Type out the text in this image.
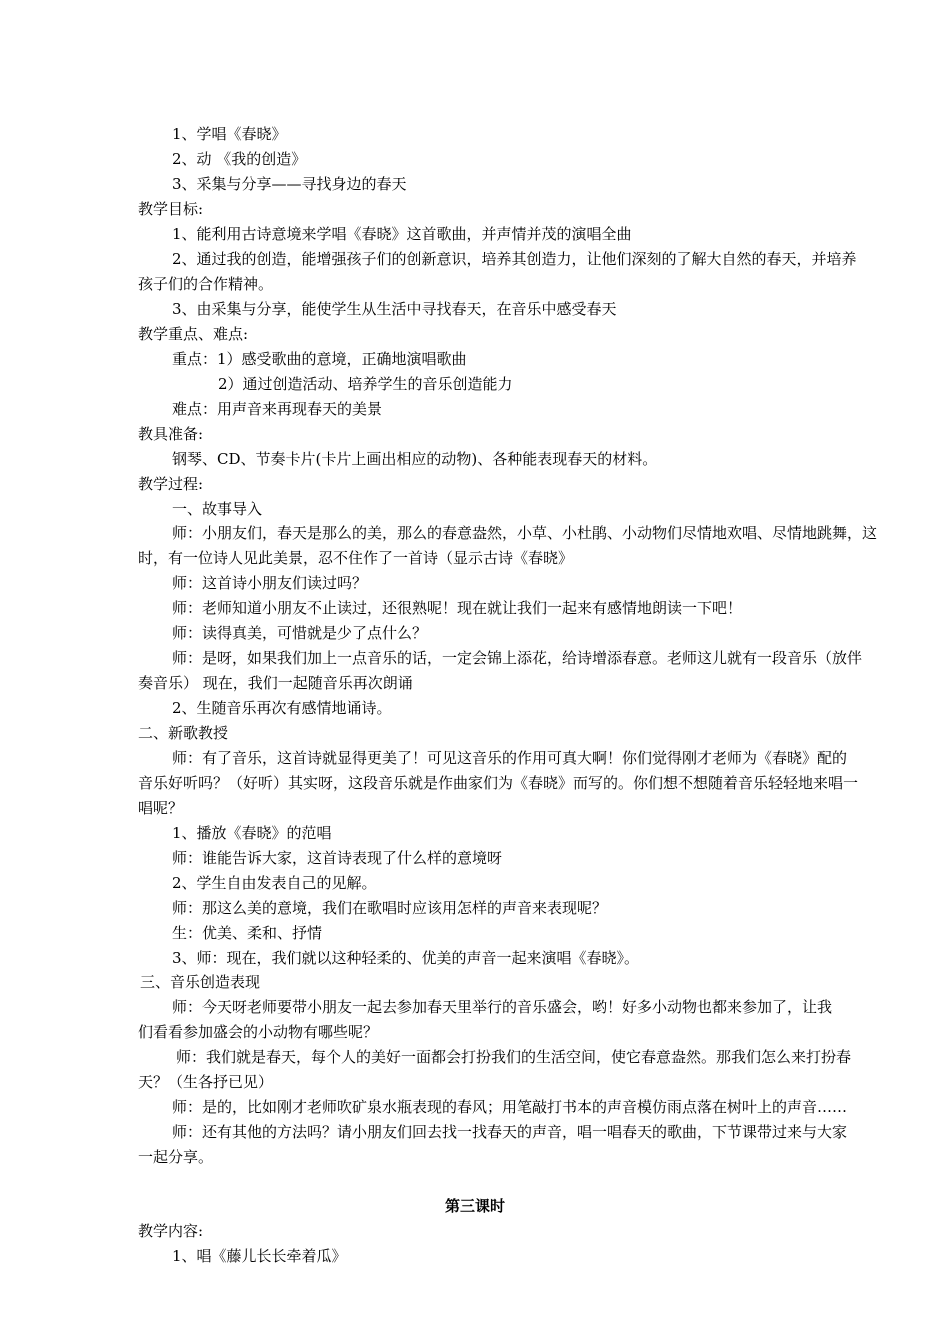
1、学唱《春晓》
2、动 《我的创造》
3、采集与分享——寻找身边的春天
教学目标:
1、能利用古诗意境来学唱《春晓》这首歌曲，并声情并茂的演唱全曲
2、通过我的创造，能增强孩子们的创新意识，培养其创造力，让他们深刻的了解大自然的春天，并培养
孩子们的合作精神。
3、由采集与分享，能使学生从生活中寻找春天，在音乐中感受春天
教学重点、难点:
重点：1）感受歌曲的意境，正确地演唱歌曲
2）通过创造活动、培养学生的音乐创造能力
难点：用声音来再现春天的美景
教具准备:
钢琴、CD、节奏卡片(卡片上画出相应的动物)、各种能表现春天的材料。
教学过程:
一、故事导入
师：小朋友们，春天是那么的美，那么的春意盎然，小草、小杜鹃、小动物们尽情地欢唱、尽情地跳舞，这
时，有一位诗人见此美景，忍不住作了一首诗（显示古诗《春晓》
师：这首诗小朋友们读过吗？
师：老师知道小朋友不止读过，还很熟呢！现在就让我们一起来有感情地朗读一下吧！
师：读得真美，可惜就是少了点什么？
师：是呀，如果我们加上一点音乐的话，一定会锦上添花，给诗增添春意。老师这儿就有一段音乐（放伴
奏音乐） 现在，我们一起随音乐再次朗诵
2、生随音乐再次有感情地诵诗。
二、新歌教授
师：有了音乐，这首诗就显得更美了！可见这音乐的作用可真大啊！你们觉得刚才老师为《春晓》配的
音乐好听吗？（好听）其实呀，这段音乐就是作曲家们为《春晓》而写的。你们想不想随着音乐轻轻地来唱一
唱呢？
1、播放《春晓》的范唱
师：谁能告诉大家，这首诗表现了什么样的意境呀
2、学生自由发表自己的见解。
师：那这么美的意境，我们在歌唱时应该用怎样的声音来表现呢？
生：优美、柔和、抒情
3、师：现在，我们就以这种轻柔的、优美的声音一起来演唱《春晓》。
三、音乐创造表现
师：今天呀老师要带小朋友一起去参加春天里举行的音乐盛会，哟！好多小动物也都来参加了，让我
们看看参加盛会的小动物有哪些呢？
师：我们就是春天，每个人的美好一面都会打扮我们的生活空间，使它春意盎然。那我们怎么来打扮春
天？（生各抒已见）
师：是的，比如刚才老师吹矿泉水瓶表现的春风；用笔敲打书本的声音模仿雨点落在树叶上的声音……
师：还有其他的方法吗？请小朋友们回去找一找春天的声音，唱一唱春天的歌曲，下节课带过来与大家
一起分享。
第三课时
教学内容:
1、唱《藤儿长长牵着瓜》
